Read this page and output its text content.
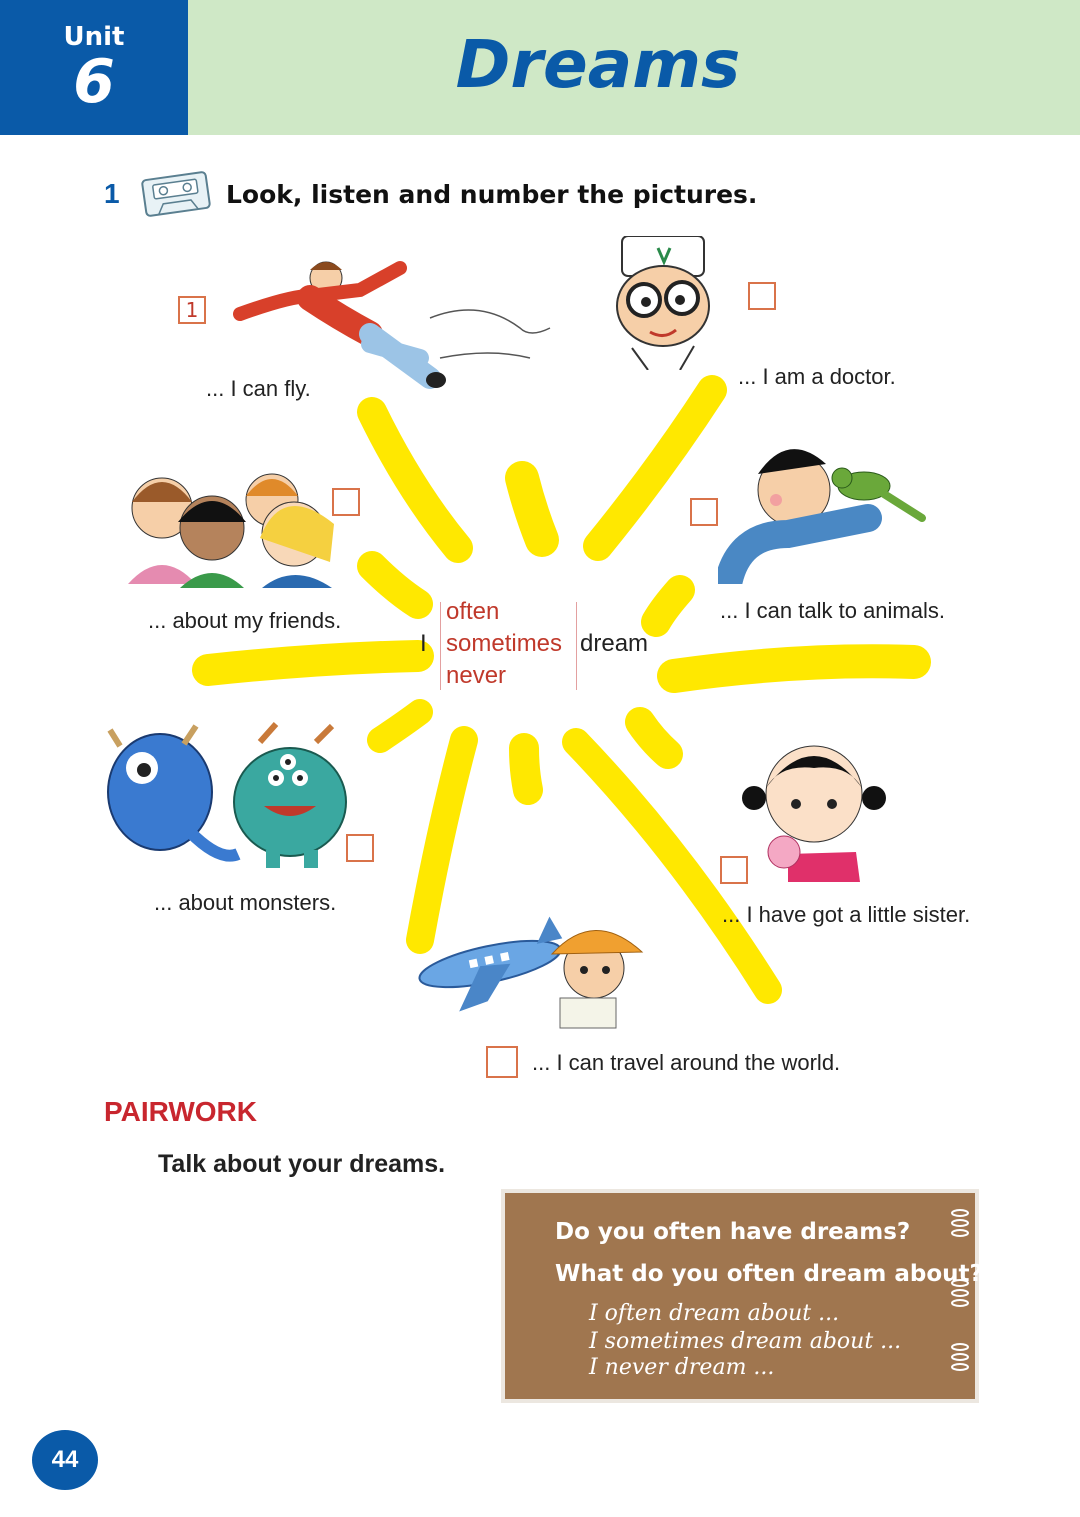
Unit
6	Dreams
1	Look, listen and number the pictures.
1
... I can fly.	... I am a doctor.
... about my friends.	... I can talk to animals.
I
often
sometimes
never
dream
... about monsters.	... I have got a little sister.
... I can travel around the world.
PAIRWORK
Talk about your dreams.
Do you often have dreams?
What do you often dream about?
I often dream about ...
I sometimes dream about ...
I never dream ...
44
